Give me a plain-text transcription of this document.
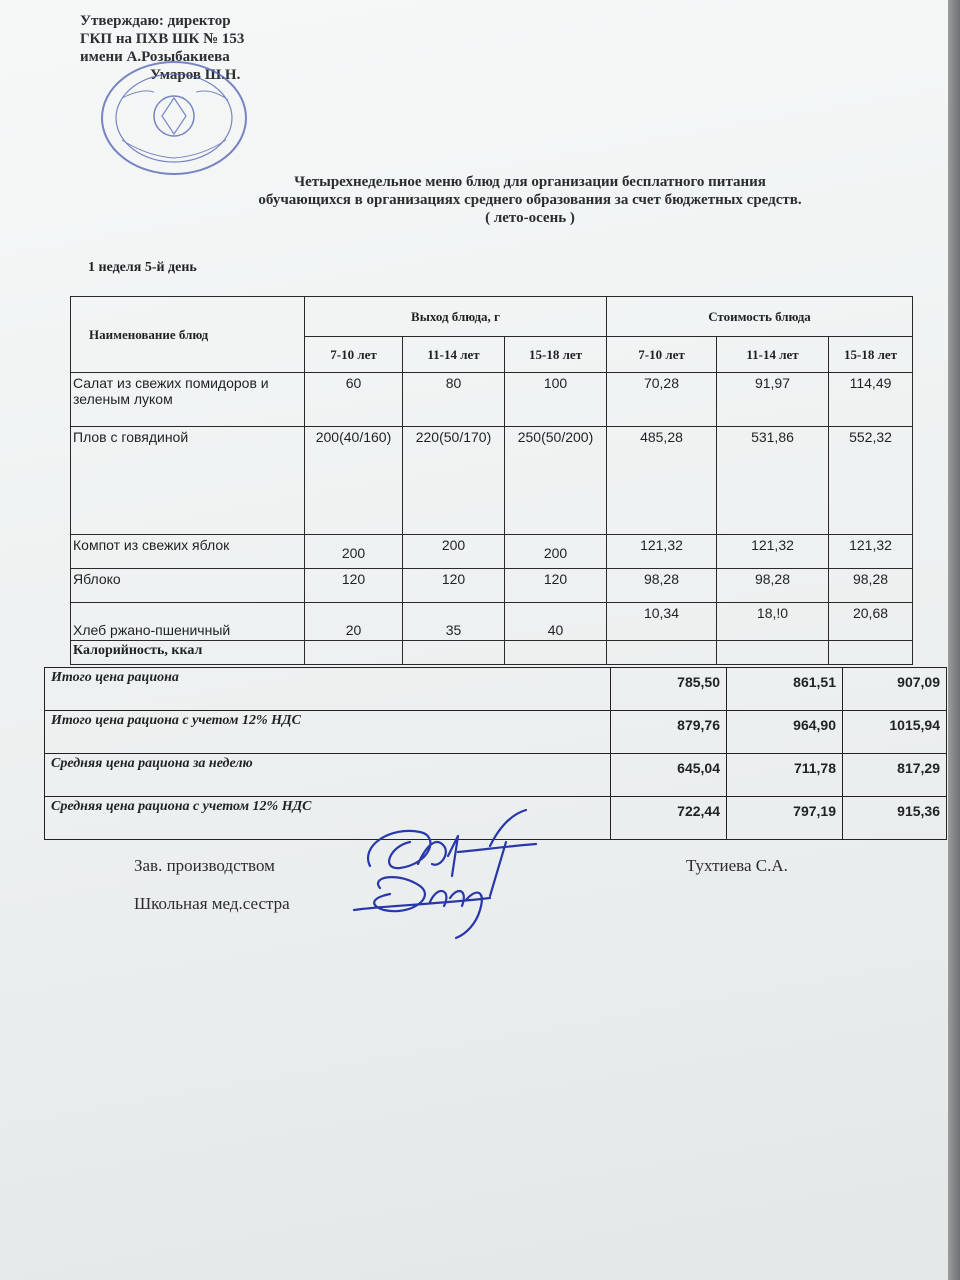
Утверждаю: директор
ГКП на ПХВ ШК № 153
имени А.Розыбакиева
Умаров Ш.Н.
Четырехнедельное меню блюд для организации бесплатного питания
обучающихся в организациях среднего образования за счет бюджетных средств.
( лето-осень )
1 неделя 5-й день
Наименование блюд	Выход блюда, г			Стоимость блюда		
	7-10 лет	11-14 лет	15-18 лет	7-10 лет	11-14 лет	15-18 лет
Салат из свежих помидоров и зеленым луком	60	80	100	70,28	91,97	114,49
Плов с говядиной	200(40/160)	220(50/170)	250(50/200)	485,28	531,86	552,32
Компот из свежих яблок	200	200	200	121,32	121,32	121,32
Яблоко	120	120	120	98,28	98,28	98,28
Хлеб ржано-пшеничный	20	35	40	10,34	18,!0	20,68
Калорийность, ккал						
Итого цена рациона	785,50	861,51	907,09
Итого цена рациона с учетом 12% НДС	879,76	964,90	1015,94
Средняя цена рациона за неделю	645,04	711,78	817,29
Средняя цена рациона с учетом 12% НДС	722,44	797,19	915,36
Зав. производством
Школьная мед.сестра
Тухтиева С.А.
